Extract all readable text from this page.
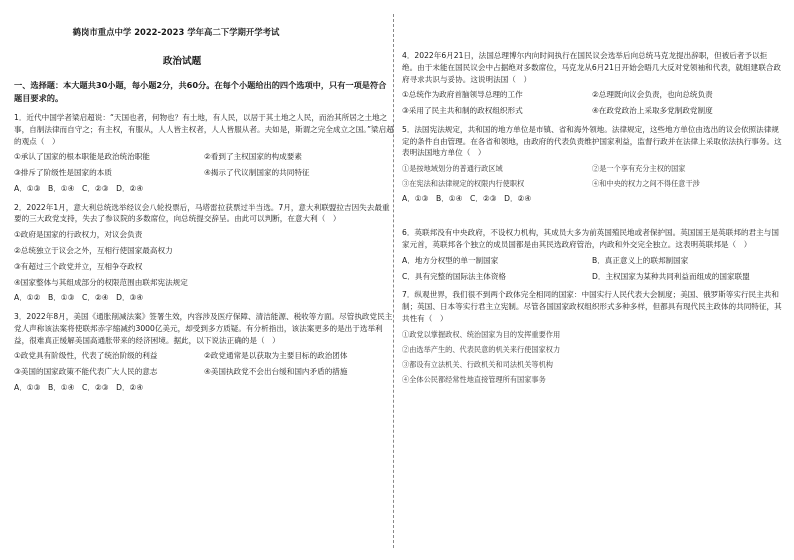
鹤岗市重点中学 2022-2023 学年高二下学期开学考试
政治试题
一、选择题：本大题共30小题，每小题2分，共60分。在每个小题给出的四个选项中，只有一项是符合题目要求的。

1．近代中国学者梁启超说：“天国也者，何物也？有土地，有人民，以居于其土地之人民，而治其所居之土地之事，自制法律而自守之；有主权，有服从，人人皆主权者，人人皆服从者。夫如是，斯谓之完全成立之国。”梁启超的观点（　）

①承认了国家的根本职能是政治统治职能	②看到了主权国家的构成要素
③排斥了阶级性是国家的本质	④揭示了代议制国家的共同特征

A．①③　B．①④　C．②③　D．②④

2．2022年1月，意大利总统选举经议会八轮投票后，马塔雷拉获票过半当选。7月，意大利联盟拉吉因失去最重要的三大政党支持，失去了参议院的多数席位，向总统提交辞呈。由此可以判断，在意大利（　）

①政府是国家的行政权力，对议会负责

②总统独立于议会之外，互相行使国家最高权力

③有超过三个政党并立，互相争夺政权

④国家整体与其组成部分的权限范围由联邦宪法规定

A．①②　B．①③　C．②④　D．③④

3．2022年8月，美国《通胀削减法案》签署生效，内容涉及医疗保障、清洁能源、税收等方面。尽管执政党民主党人声称该法案将使联邦赤字缩减约3000亿美元，却受到多方质疑。有分析指出，该法案更多的是出于选举利益，很难真正缓解美国高通胀带来的经济困境。据此，以下说法正确的是（　）

①政党具有阶级性，代表了统治阶级的利益	②政党通常是以获取为主要目标的政治团体
③美国的国家政策不能代表广大人民的意志	④美国执政党不会出台缓和国内矛盾的措施

A．①③　B．①④　C．②③　D．②④

4．2022年6月21日，法国总理博尔内向时间执行在国民议会选举后向总统马克龙提出辞职，但被后者予以拒绝。由于未能在国民议会中占据绝对多数席位，马克龙从6月21日开始会晤几大反对党领袖和代表，就组建联合政府寻求共识与妥协。这说明法国（　）

①总统作为政府首脑领导总理的工作	②总理既向议会负责，也向总统负责
③采用了民主共和制的政权组织形式	④在政党政治上采取多党制政党制度

5．法国宪法规定，共和国的地方单位是市镇、省和海外领地。法律规定，这些地方单位由选出的议会依照法律规定的条件自由管理。在各省和领地，由政府的代表负责维护国家利益，监督行政并在法律上采取依法执行事务。这表明法国地方单位（　）

①是按地域划分的普通行政区域	②是一个享有充分主权的国家
③在宪法和法律规定的权限内行使职权	④和中央的权力之间不得任意干涉

A．①③　B．①④　C．②③　D．②④

6．英联邦没有中央政府，不设权力机构，其成员大多为前英国殖民地或者保护国。英国国王是英联邦的君主与国家元首，英联邦各个独立的成员国都是由其民选政府管治，内政和外交完全独立。这表明英联邦是（　）

A．地方分权型的单一制国家	B．真正意义上的联邦制国家
C．具有完整的国际法主体资格	D．主权国家为某种共同利益而组成的国家联盟

7．纵观世界，我们很不到两个政体完全相同的国家：中国实行人民代表大会制度；美国、俄罗斯等实行民主共和制；英国、日本等实行君主立宪制。尽管各国国家政权组织形式多种多样，但都具有现代民主政体的共同特征，其共性有（　）

①政党以掌握政权、统治国家为目的发挥重要作用

②由选举产生的、代表民意的机关来行使国家权力

③都设有立法机关、行政机关和司法机关等机构

④全体公民都经常性地直接管理所有国家事务
